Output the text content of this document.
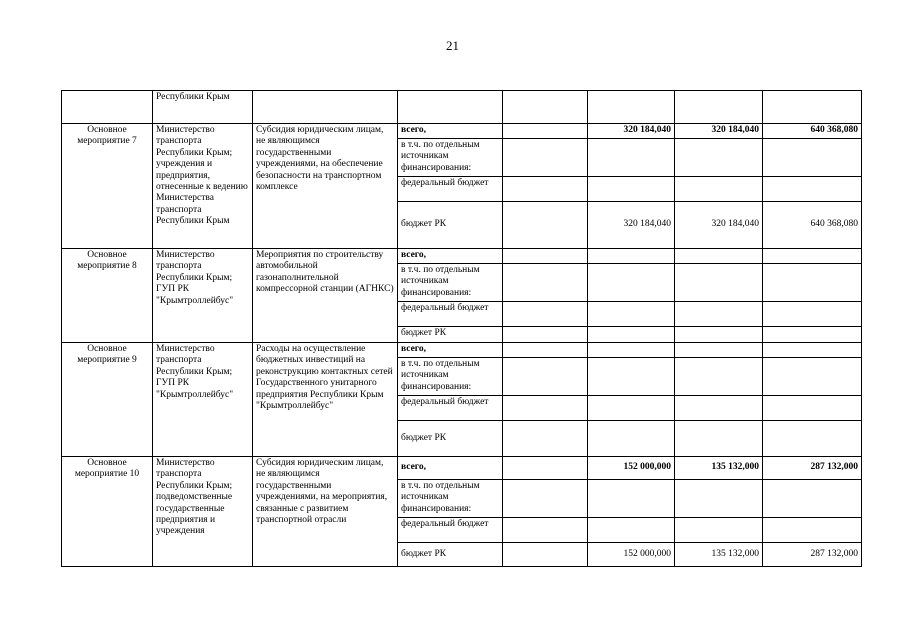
21
	Республики Крым						
Основное мероприятие 7	Министерство транспорта Республики Крым; учреждения и предприятия, отнесенные к ведению Министерства транспорта Республики Крым	Субсидия юридическим лицам, не являющимся государственными учреждениями, на обеспечение безопасности на транспортном комплексе	всего,		320 184,040	320 184,040	640 368,080
			в т.ч. по отдельным источникам финансирования:				
			федеральный бюджет				
			бюджет РК		320 184,040	320 184,040	640 368,080
Основное мероприятие 8	Министерство транспорта Республики Крым; ГУП РК "Крымтроллейбус"	Мероприятия по строительству автомобильной газонаполнительной компрессорной станции (АГНКС)	всего,				
			в т.ч. по отдельным источникам финансирования:				
			федеральный бюджет				
			бюджет РК				
Основное мероприятие 9	Министерство транспорта Республики Крым; ГУП РК "Крымтроллейбус"	Расходы на осуществление бюджетных инвестиций на реконструкцию контактных сетей Государственного унитарного предприятия Республики Крым "Крымтроллейбус"	всего,				
			в т.ч. по отдельным источникам финансирования:				
			федеральный бюджет				
			бюджет РК				
Основное мероприятие 10	Министерство транспорта Республики Крым; подведомственные государственные предприятия и учреждения	Субсидия юридическим лицам, не являющимся государственными учреждениями, на мероприятия, связанные с развитием транспортной отрасли	всего,		152 000,000	135 132,000	287 132,000
			в т.ч. по отдельным источникам финансирования:				
			федеральный бюджет				
			бюджет РК		152 000,000	135 132,000	287 132,000
